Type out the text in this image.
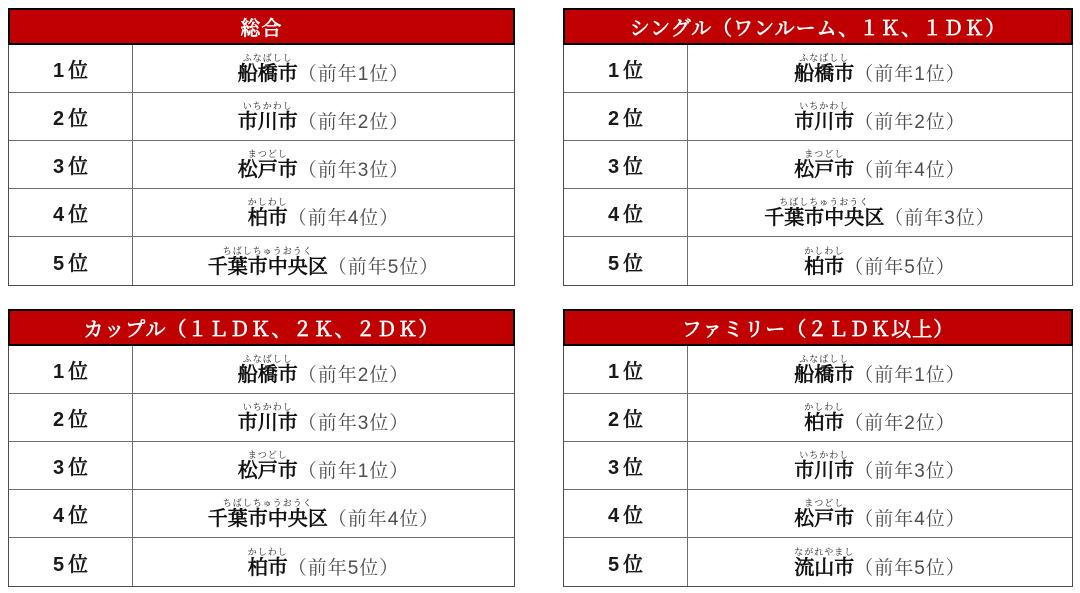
総合
1位	船橋市ふなばしし（前年1位）
2位	市川市いちかわし（前年2位）
3位	松戸市まつどし（前年3位）
4位	柏市かしわし（前年4位）
5位	千葉市中央区ちばしちゅうおうく（前年5位）
シングル（ワンルーム、１Ｋ、１ＤＫ）
1位	船橋市ふなばしし（前年1位）
2位	市川市いちかわし（前年2位）
3位	松戸市まつどし（前年4位）
4位	千葉市中央区ちばしちゅうおうく（前年3位）
5位	柏市かしわし（前年5位）
カップル（１ＬＤＫ、２Ｋ、２ＤＫ）
1位	船橋市ふなばしし（前年2位）
2位	市川市いちかわし（前年3位）
3位	松戸市まつどし（前年1位）
4位	千葉市中央区ちばしちゅうおうく（前年4位）
5位	柏市かしわし（前年5位）
ファミリー（２ＬＤＫ以上）
1位	船橋市ふなばしし（前年1位）
2位	柏市かしわし（前年2位）
3位	市川市いちかわし（前年3位）
4位	松戸市まつどし（前年4位）
5位	流山市ながれやまし（前年5位）
